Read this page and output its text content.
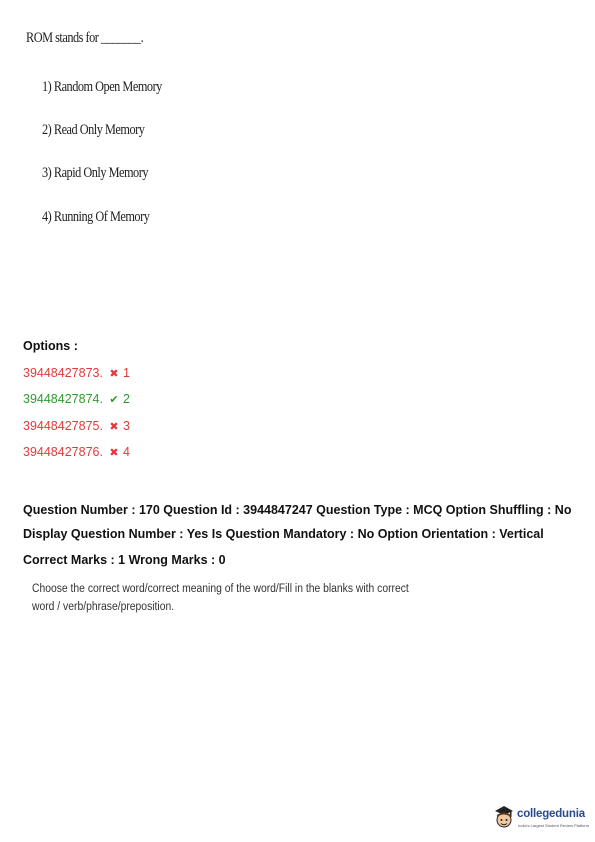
ROM stands for _______.

1) Random Open Memory
2) Read Only Memory
3) Rapid Only Memory
4) Running Of Memory
Options :
39448427873. ✖ 1
39448427874. ✔ 2
39448427875. ✖ 3
39448427876. ✖ 4
Question Number : 170 Question Id : 3944847247 Question Type : MCQ Option Shuffling : No
Display Question Number : Yes Is Question Mandatory : No Option Orientation : Vertical
Correct Marks : 1 Wrong Marks : 0
Choose the correct word/correct meaning of the word/Fill in the blanks with correct word / verb/phrase/preposition.
collegedunia
India's Largest Student Review Platform
